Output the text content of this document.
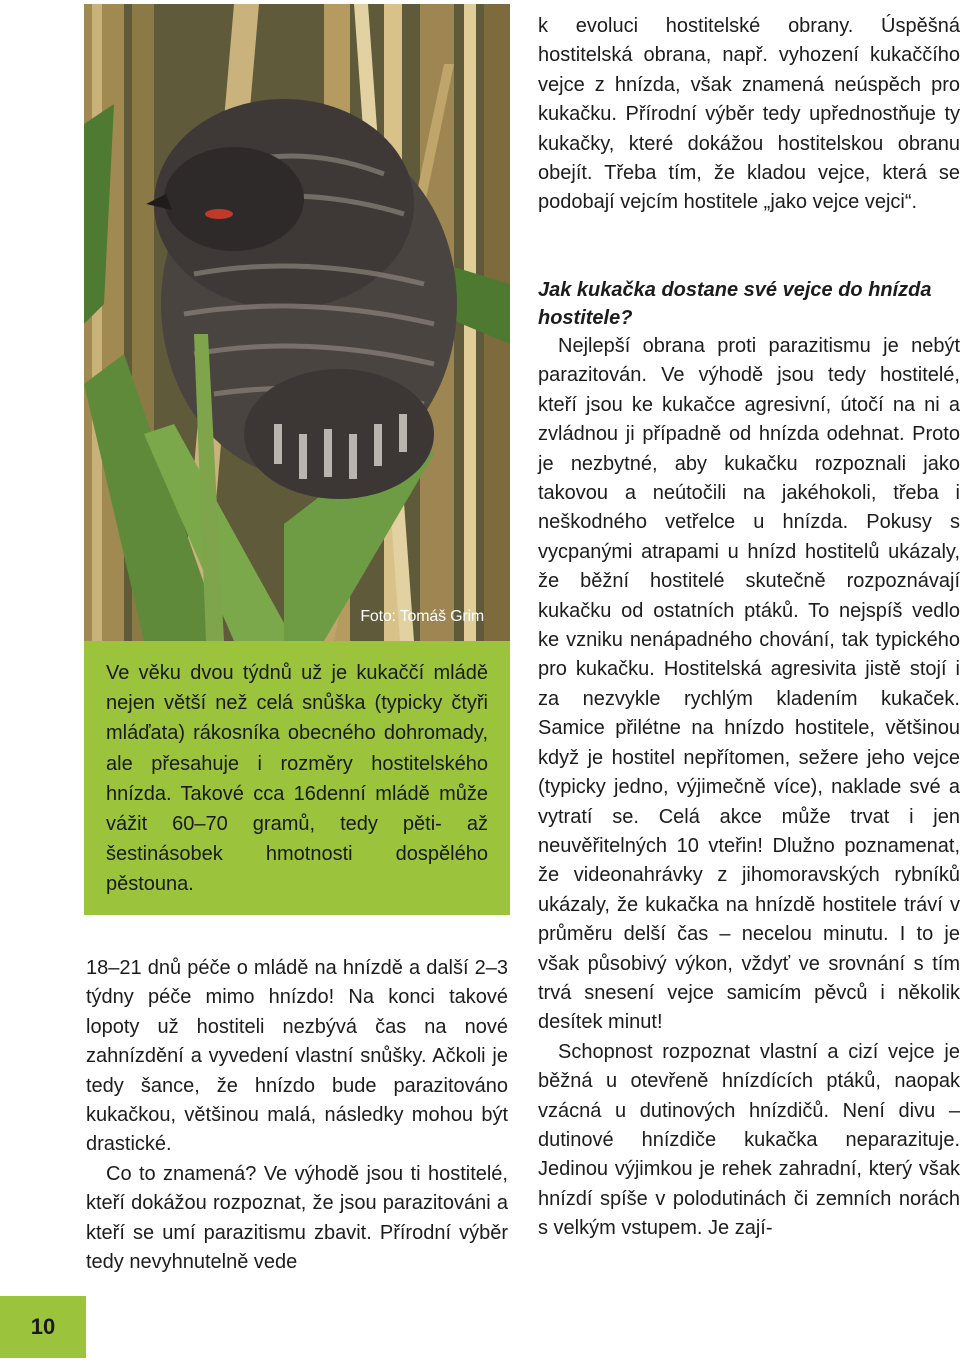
Foto: Tomáš Grim

Ve věku dvou týdnů už je kukaččí mládě nejen větší než celá snůška (typicky čtyři mláďata) rákosníka obecného dohromady, ale přesahuje i rozměry hostitelského hnízda. Takové cca 16denní mládě může vážit 60–70 gramů, tedy pěti- až šestinásobek hmotnosti dospělého pěstouna.

18–21 dnů péče o mládě na hnízdě a další 2–3 týdny péče mimo hnízdo! Na konci takové lopoty už hostiteli nezbývá čas na nové zahnízdění a vyvedení vlastní snůšky. Ačkoli je tedy šance, že hnízdo bude parazitováno kukačkou, většinou malá, následky mohou být drastické.

Co to znamená? Ve výhodě jsou ti hostitelé, kteří dokážou rozpoznat, že jsou parazitováni a kteří se umí parazitismu zbavit. Přírodní výběr tedy nevyhnutelně vede

k evoluci hostitelské obrany. Úspěšná hostitelská obrana, např. vyhození kukaččího vejce z hnízda, však znamená neúspěch pro kukačku. Přírodní výběr tedy upřednostňuje ty kukačky, které dokážou hostitelskou obranu obejít. Třeba tím, že kladou vejce, která se podobají vejcím hostitele „jako vejce vejci“.

Jak kukačka dostane své vejce do hnízda hostitele?

Nejlepší obrana proti parazitismu je nebýt parazitován. Ve výhodě jsou tedy hostitelé, kteří jsou ke kukačce agresivní, útočí na ni a zvládnou ji případně od hnízda odehnat. Proto je nezbytné, aby kukačku rozpoznali jako takovou a neútočili na jakéhokoli, třeba i neškodného vetřelce u hnízda. Pokusy s vycpanými atrapami u hnízd hostitelů ukázaly, že běžní hostitelé skutečně rozpoznávají kukačku od ostatních ptáků. To nejspíš vedlo ke vzniku nenápadného chování, tak typického pro kukačku. Hostitelská agresivita jistě stojí i za nezvykle rychlým kladením kukaček. Samice přilétne na hnízdo hostitele, většinou když je hostitel nepřítomen, sežere jeho vejce (typicky jedno, výjimečně více), naklade své a vytratí se. Celá akce může trvat i jen neuvěřitelných 10 vteřin! Dlužno poznamenat, že videonahrávky z jihomoravských rybníků ukázaly, že kukačka na hnízdě hostitele tráví v průměru delší čas – necelou minutu. I to je však působivý výkon, vždyť ve srovnání s tím trvá snesení vejce samicím pěvců i několik desítek minut!

Schopnost rozpoznat vlastní a cizí vejce je běžná u otevřeně hnízdících ptáků, naopak vzácná u dutinových hnízdičů. Není divu – dutinové hnízdiče kukačka neparazituje. Jedinou výjimkou je rehek zahradní, který však hnízdí spíše v polodutinách či zemních norách s velkým vstupem. Je zají-

10
